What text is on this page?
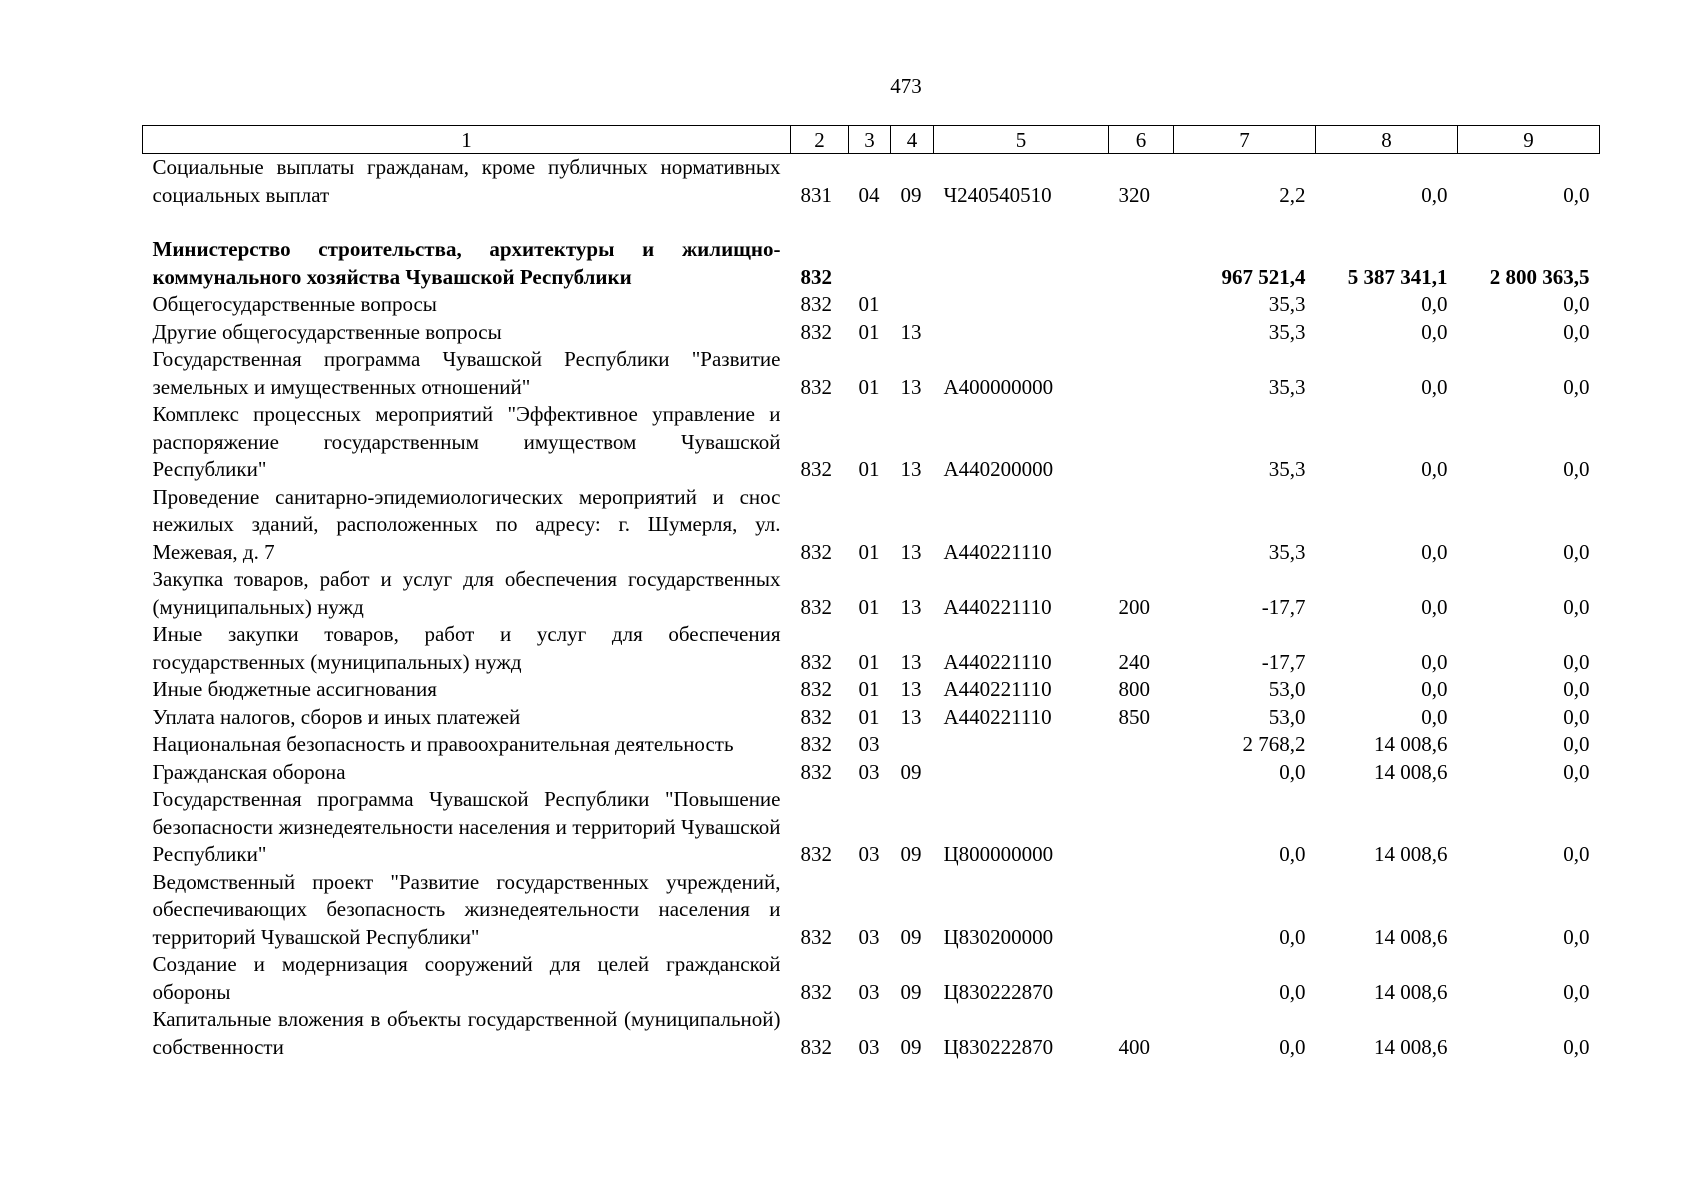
473
1	2	3	4	5	6	7	8	9
Социальные выплаты гражданам, кроме публичных нормативных социальных выплат	831	04	09	Ч240540510	320	2,2	0,0	0,0

Министерство строительства, архитектуры и жилищно-коммунального хозяйства Чувашской Республики	832					967 521,4	5 387 341,1	2 800 363,5
Общегосударственные вопросы	832	01				35,3	0,0	0,0
Другие общегосударственные вопросы	832	01	13			35,3	0,0	0,0
Государственная программа Чувашской Республики "Развитие земельных и имущественных отношений"	832	01	13	А400000000		35,3	0,0	0,0
Комплекс процессных мероприятий "Эффективное управление и распоряжение государственным имуществом Чувашской Республики"	832	01	13	А440200000		35,3	0,0	0,0
Проведение санитарно-эпидемиологических мероприятий и снос нежилых зданий, расположенных по адресу: г. Шумерля, ул. Межевая, д. 7	832	01	13	А440221110		35,3	0,0	0,0
Закупка товаров, работ и услуг для обеспечения государственных (муниципальных) нужд	832	01	13	А440221110	200	-17,7	0,0	0,0
Иные закупки товаров, работ и услуг для обеспечения государственных (муниципальных) нужд	832	01	13	А440221110	240	-17,7	0,0	0,0
Иные бюджетные ассигнования	832	01	13	А440221110	800	53,0	0,0	0,0
Уплата налогов, сборов и иных платежей	832	01	13	А440221110	850	53,0	0,0	0,0
Национальная безопасность и правоохранительная деятельность	832	03				2 768,2	14 008,6	0,0
Гражданская оборона	832	03	09			0,0	14 008,6	0,0
Государственная программа Чувашской Республики "Повышение безопасности жизнедеятельности населения и территорий Чувашской Республики"	832	03	09	Ц800000000		0,0	14 008,6	0,0
Ведомственный проект "Развитие государственных учреждений, обеспечивающих безопасность жизнедеятельности населения и территорий Чувашской Республики"	832	03	09	Ц830200000		0,0	14 008,6	0,0
Создание и модернизация сооружений для целей гражданской обороны	832	03	09	Ц830222870		0,0	14 008,6	0,0
Капитальные вложения в объекты государственной (муниципальной) собственности	832	03	09	Ц830222870	400	0,0	14 008,6	0,0
